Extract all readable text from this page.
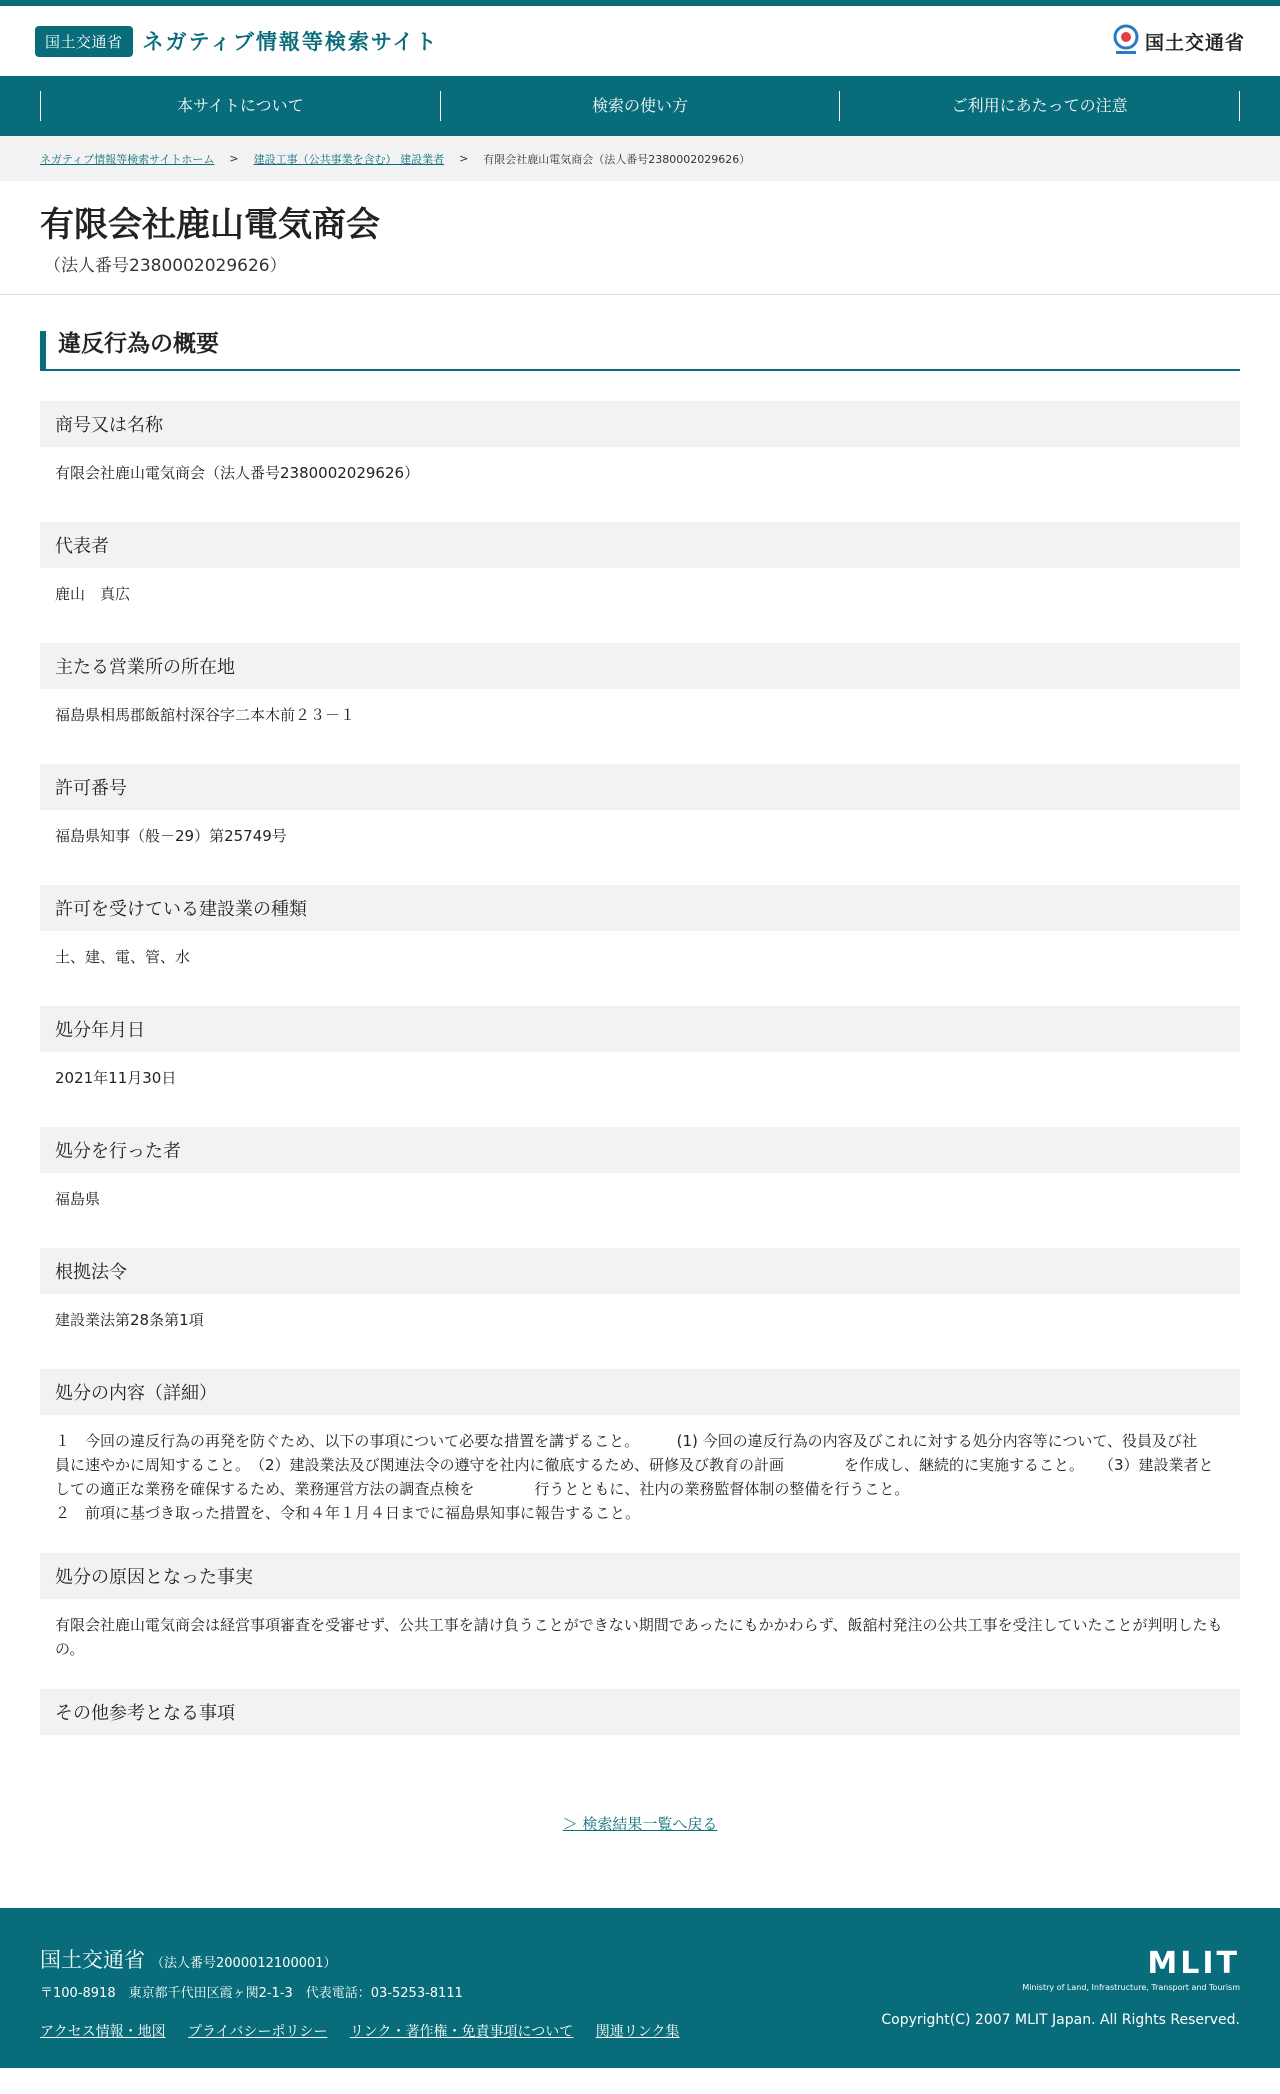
国土交通省 ネガティブ情報等検索サイト	国土交通省
本サイトについて	検索の使い方	ご利用にあたっての注意
ネガティブ情報等検索サイトホーム > 建設工事（公共事業を含む） 建設業者 > 有限会社鹿山電気商会（法人番号2380002029626）
有限会社鹿山電気商会
（法人番号2380002029626）
違反行為の概要
商号又は名称
有限会社鹿山電気商会（法人番号2380002029626）
代表者
鹿山　真広
主たる営業所の所在地
福島県相馬郡飯舘村深谷字二本木前２３－１
許可番号
福島県知事（般－29）第25749号
許可を受けている建設業の種類
土、建、電、管、水
処分年月日
2021年11月30日
処分を行った者
福島県
根拠法令
建設業法第28条第1項
処分の内容（詳細）
１　今回の違反行為の再発を防ぐため、以下の事項について必要な措置を講ずること。　　　(1) 今回の違反行為の内容及びこれに対する処分内容等について、役員及び社　　　　員に速やかに周知すること。　（2）建設業法及び関連法令の遵守を社内に徹底するため、研修及び教育の計画　　　　を作成し、継続的に実施すること。　　（3）建設業者としての適正な業務を確保するため、業務運営方法の調査点検を　　　　行うとともに、社内の業務監督体制の整備を行うこと。
２　前項に基づき取った措置を、令和４年１月４日までに福島県知事に報告すること。
処分の原因となった事実
有限会社鹿山電気商会は経営事項審査を受審せず、公共工事を請け負うことができない期間であったにもかかわらず、飯舘村発注の公共工事を受注していたことが判明したもの。
その他参考となる事項
＞ 検索結果一覧へ戻る
国土交通省 （法人番号2000012100001）
〒100-8918　東京都千代田区霞ヶ関2-1-3　代表電話：03-5253-8111
アクセス情報・地図 プライバシーポリシー リンク・著作権・免責事項について 関連リンク集
MLIT
Ministry of Land, Infrastructure, Transport and Tourism
Copyright(C) 2007 MLIT Japan. All Rights Reserved.
